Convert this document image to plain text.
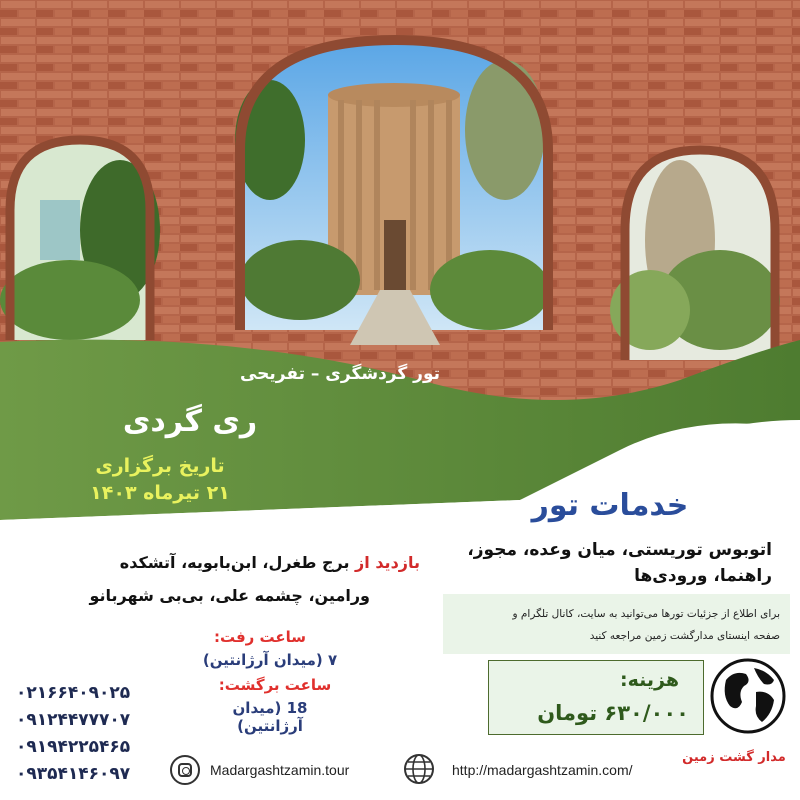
تور گردشگری – تفریحی
ری گردی
تاریخ برگزاری
۲۱ تیرماه ۱۴۰۳	خدمات تور
اتوبوس توریستی، میان وعده، مجوز،
راهنما، ورودی‌ها
برای اطلاع از جزئیات تورها می‌توانید به سایت، کانال تلگرام و
صفحه اینستای مدارگشت زمین مراجعه کنید
بازدید از برج طغرل، ابن‌بابویه، آتشکده
ورامین، چشمه علی، بی‌بی شهربانو
ساعت رفت:
۷ (میدان آرژانتین)
ساعت برگشت:
18 (میدان آرژانتین)
۰۲۱۶۶۴۰۹۰۲۵
۰۹۱۲۴۴۷۷۷۰۷
۰۹۱۹۴۲۲۵۴۶۵
۰۹۳۵۴۱۴۶۰۹۷
هزینه:
۶۳۰/۰۰۰ تومان
مدار گشت زمین
Madargashtzamin.tour	http://madargashtzamin.com/
